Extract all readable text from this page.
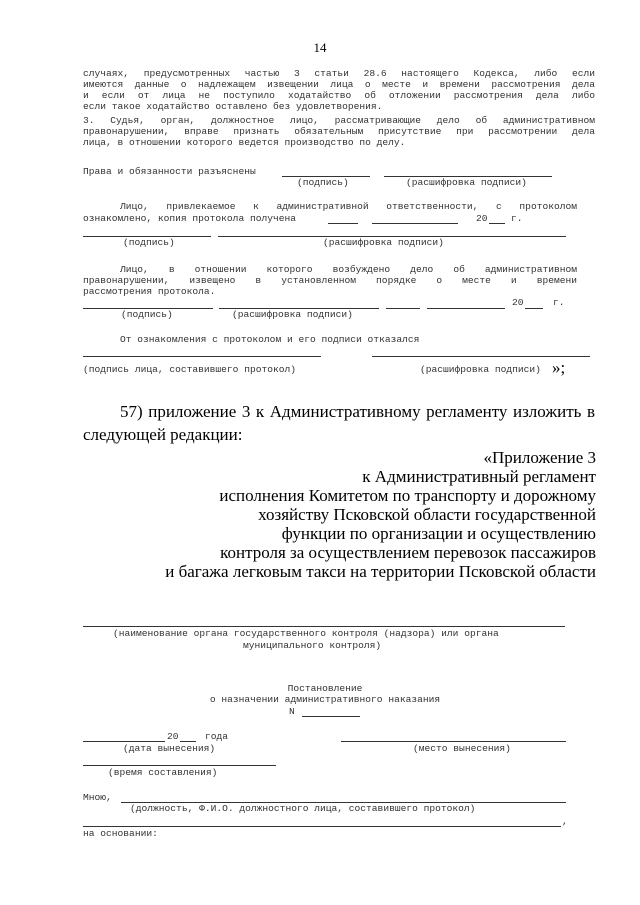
14
случаях, предусмотренных частью 3 статьи 28.6 настоящего Кодекса, либо если
имеются данные о надлежащем извещении лица о месте и времени рассмотрения дела
и если от лица не поступило ходатайство об отложении рассмотрения дела либо
если такое ходатайство оставлено без удовлетворения.
3. Судья, орган, должностное лицо, рассматривающие дело об административном
правонарушении, вправе признать обязательным присутствие при рассмотрении дела
лица, в отношении которого ведется производство по делу.
Права и обязанности разъяснены
(подпись)	(расшифровка подписи)
Лицо, привлекаемое к административной ответственности, с протоколом
ознакомлено, копия протокола получена	20 г.
(подпись)	(расшифровка подписи)
Лицо, в отношении которого возбуждено дело об административном
правонарушении, извещено в установленном порядке о месте и времени
рассмотрения протокола.
20	г.
(подпись)	(расшифровка подписи)
От ознакомления с протоколом и его подписи отказался
(подпись лица, составившего протокол)	(расшифровка подписи) »;
57) приложение 3 к Административному регламенту изложить в
следующей редакции:
«Приложение 3
к Административный регламент
исполнения Комитетом по транспорту и дорожному
хозяйству Псковской области государственной
функции по организации и осуществлению
контроля за осуществлением перевозок пассажиров
и багажа легковым такси на территории Псковской области
(наименование органа государственного контроля (надзора) или органа
муниципального контроля)
Постановление
о назначении административного наказания
N
20	года
(дата вынесения)	(место вынесения)
(время составления)
Мною,
(должность, Ф.И.О. должностного лица, составившего протокол)
,
на основании:
